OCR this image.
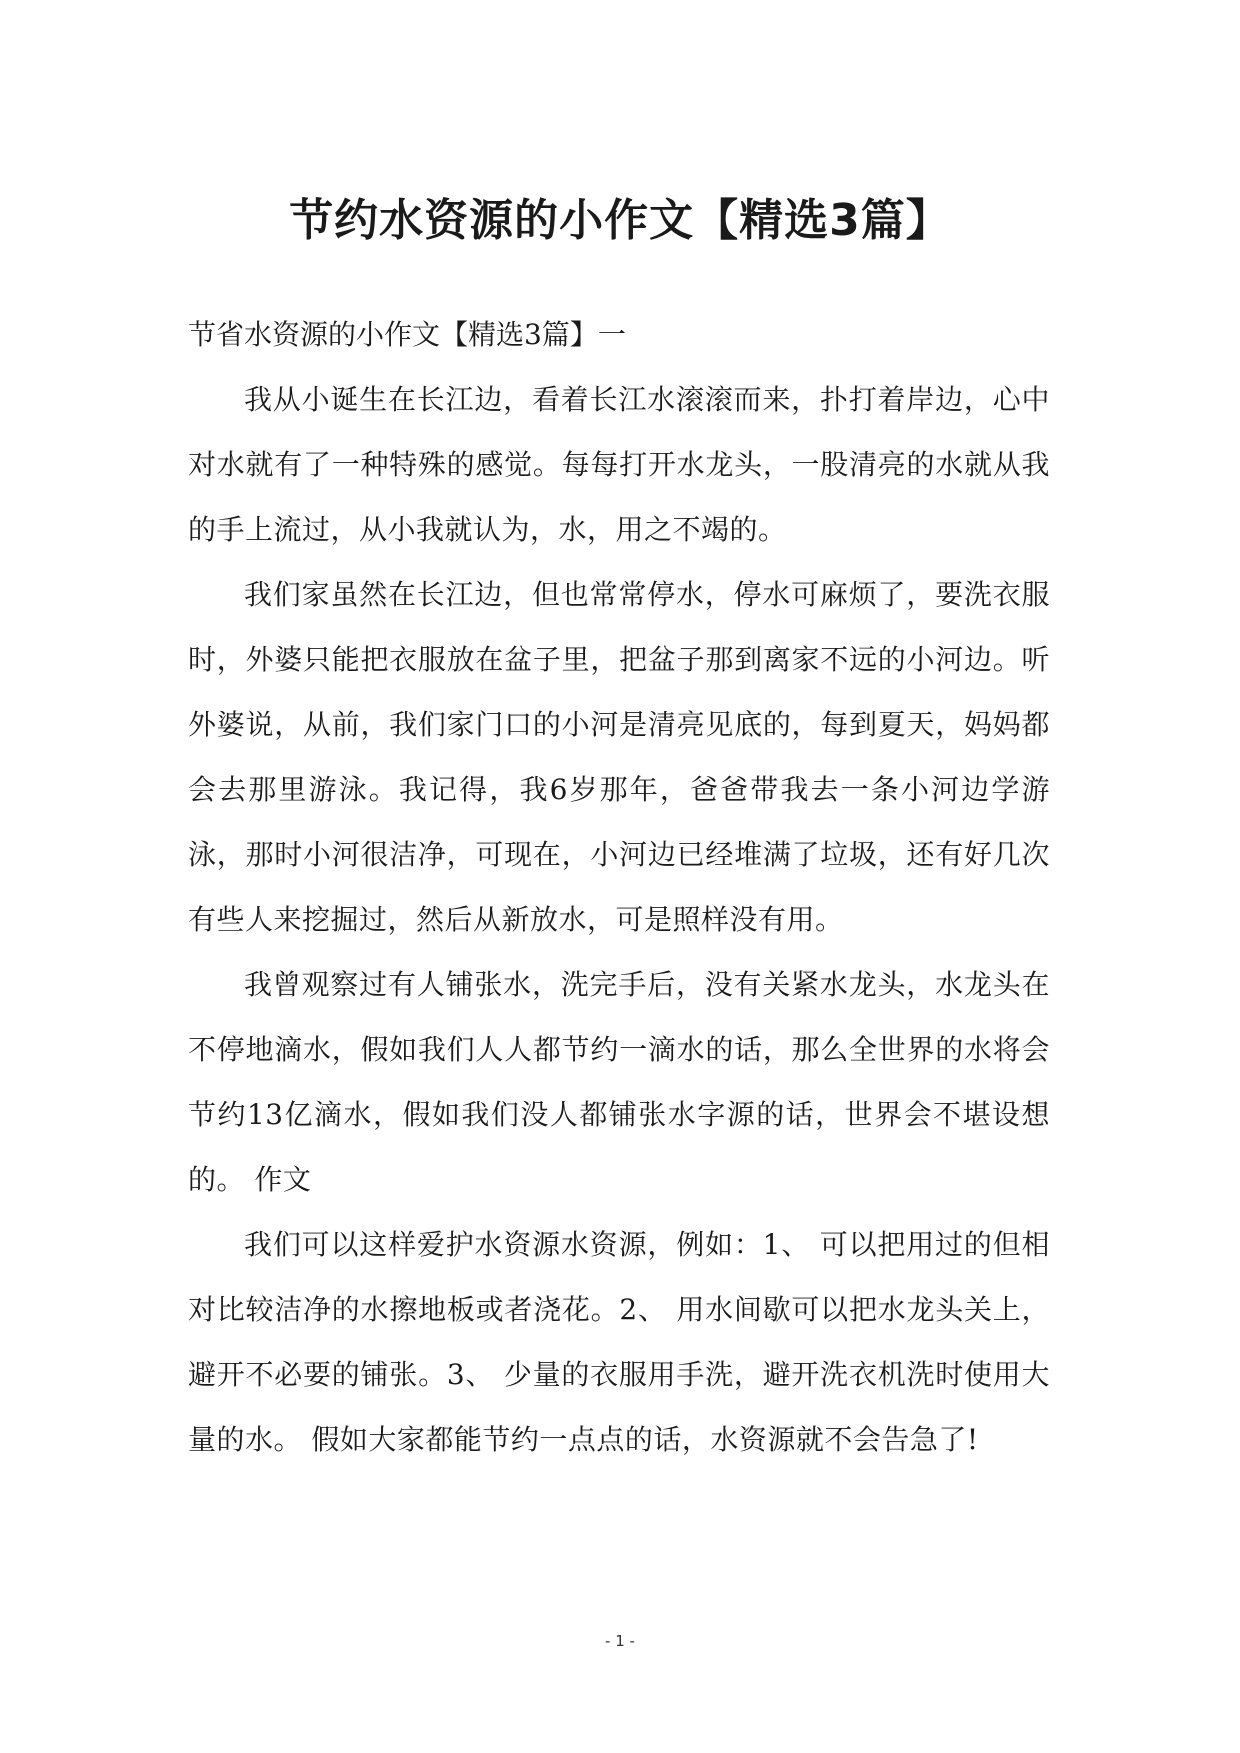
节约水资源的小作文【精选3篇】

节省水资源的小作文【精选3篇】一

我从小诞生在长江边，看着长江水滚滚而来，扑打着岸边，心中对水就有了一种特殊的感觉。每每打开水龙头，一股清亮的水就从我的手上流过，从小我就认为，水，用之不竭的。

我们家虽然在长江边，但也常常停水，停水可麻烦了，要洗衣服时，外婆只能把衣服放在盆子里，把盆子那到离家不远的小河边。听外婆说，从前，我们家门口的小河是清亮见底的，每到夏天，妈妈都会去那里游泳。我记得，我6岁那年，爸爸带我去一条小河边学游泳，那时小河很洁净，可现在，小河边已经堆满了垃圾，还有好几次有些人来挖掘过，然后从新放水，可是照样没有用。

我曾观察过有人铺张水，洗完手后，没有关紧水龙头，水龙头在不停地滴水，假如我们人人都节约一滴水的话，那么全世界的水将会节约13亿滴水，假如我们没人都铺张水字源的话，世界会不堪设想的。 作文

我们可以这样爱护水资源水资源，例如：1、 可以把用过的但相对比较洁净的水擦地板或者浇花。2、 用水间歇可以把水龙头关上，避开不必要的铺张。3、 少量的衣服用手洗，避开洗衣机洗时使用大量的水。 假如大家都能节约一点点的话，水资源就不会告急了!

- 1 -
